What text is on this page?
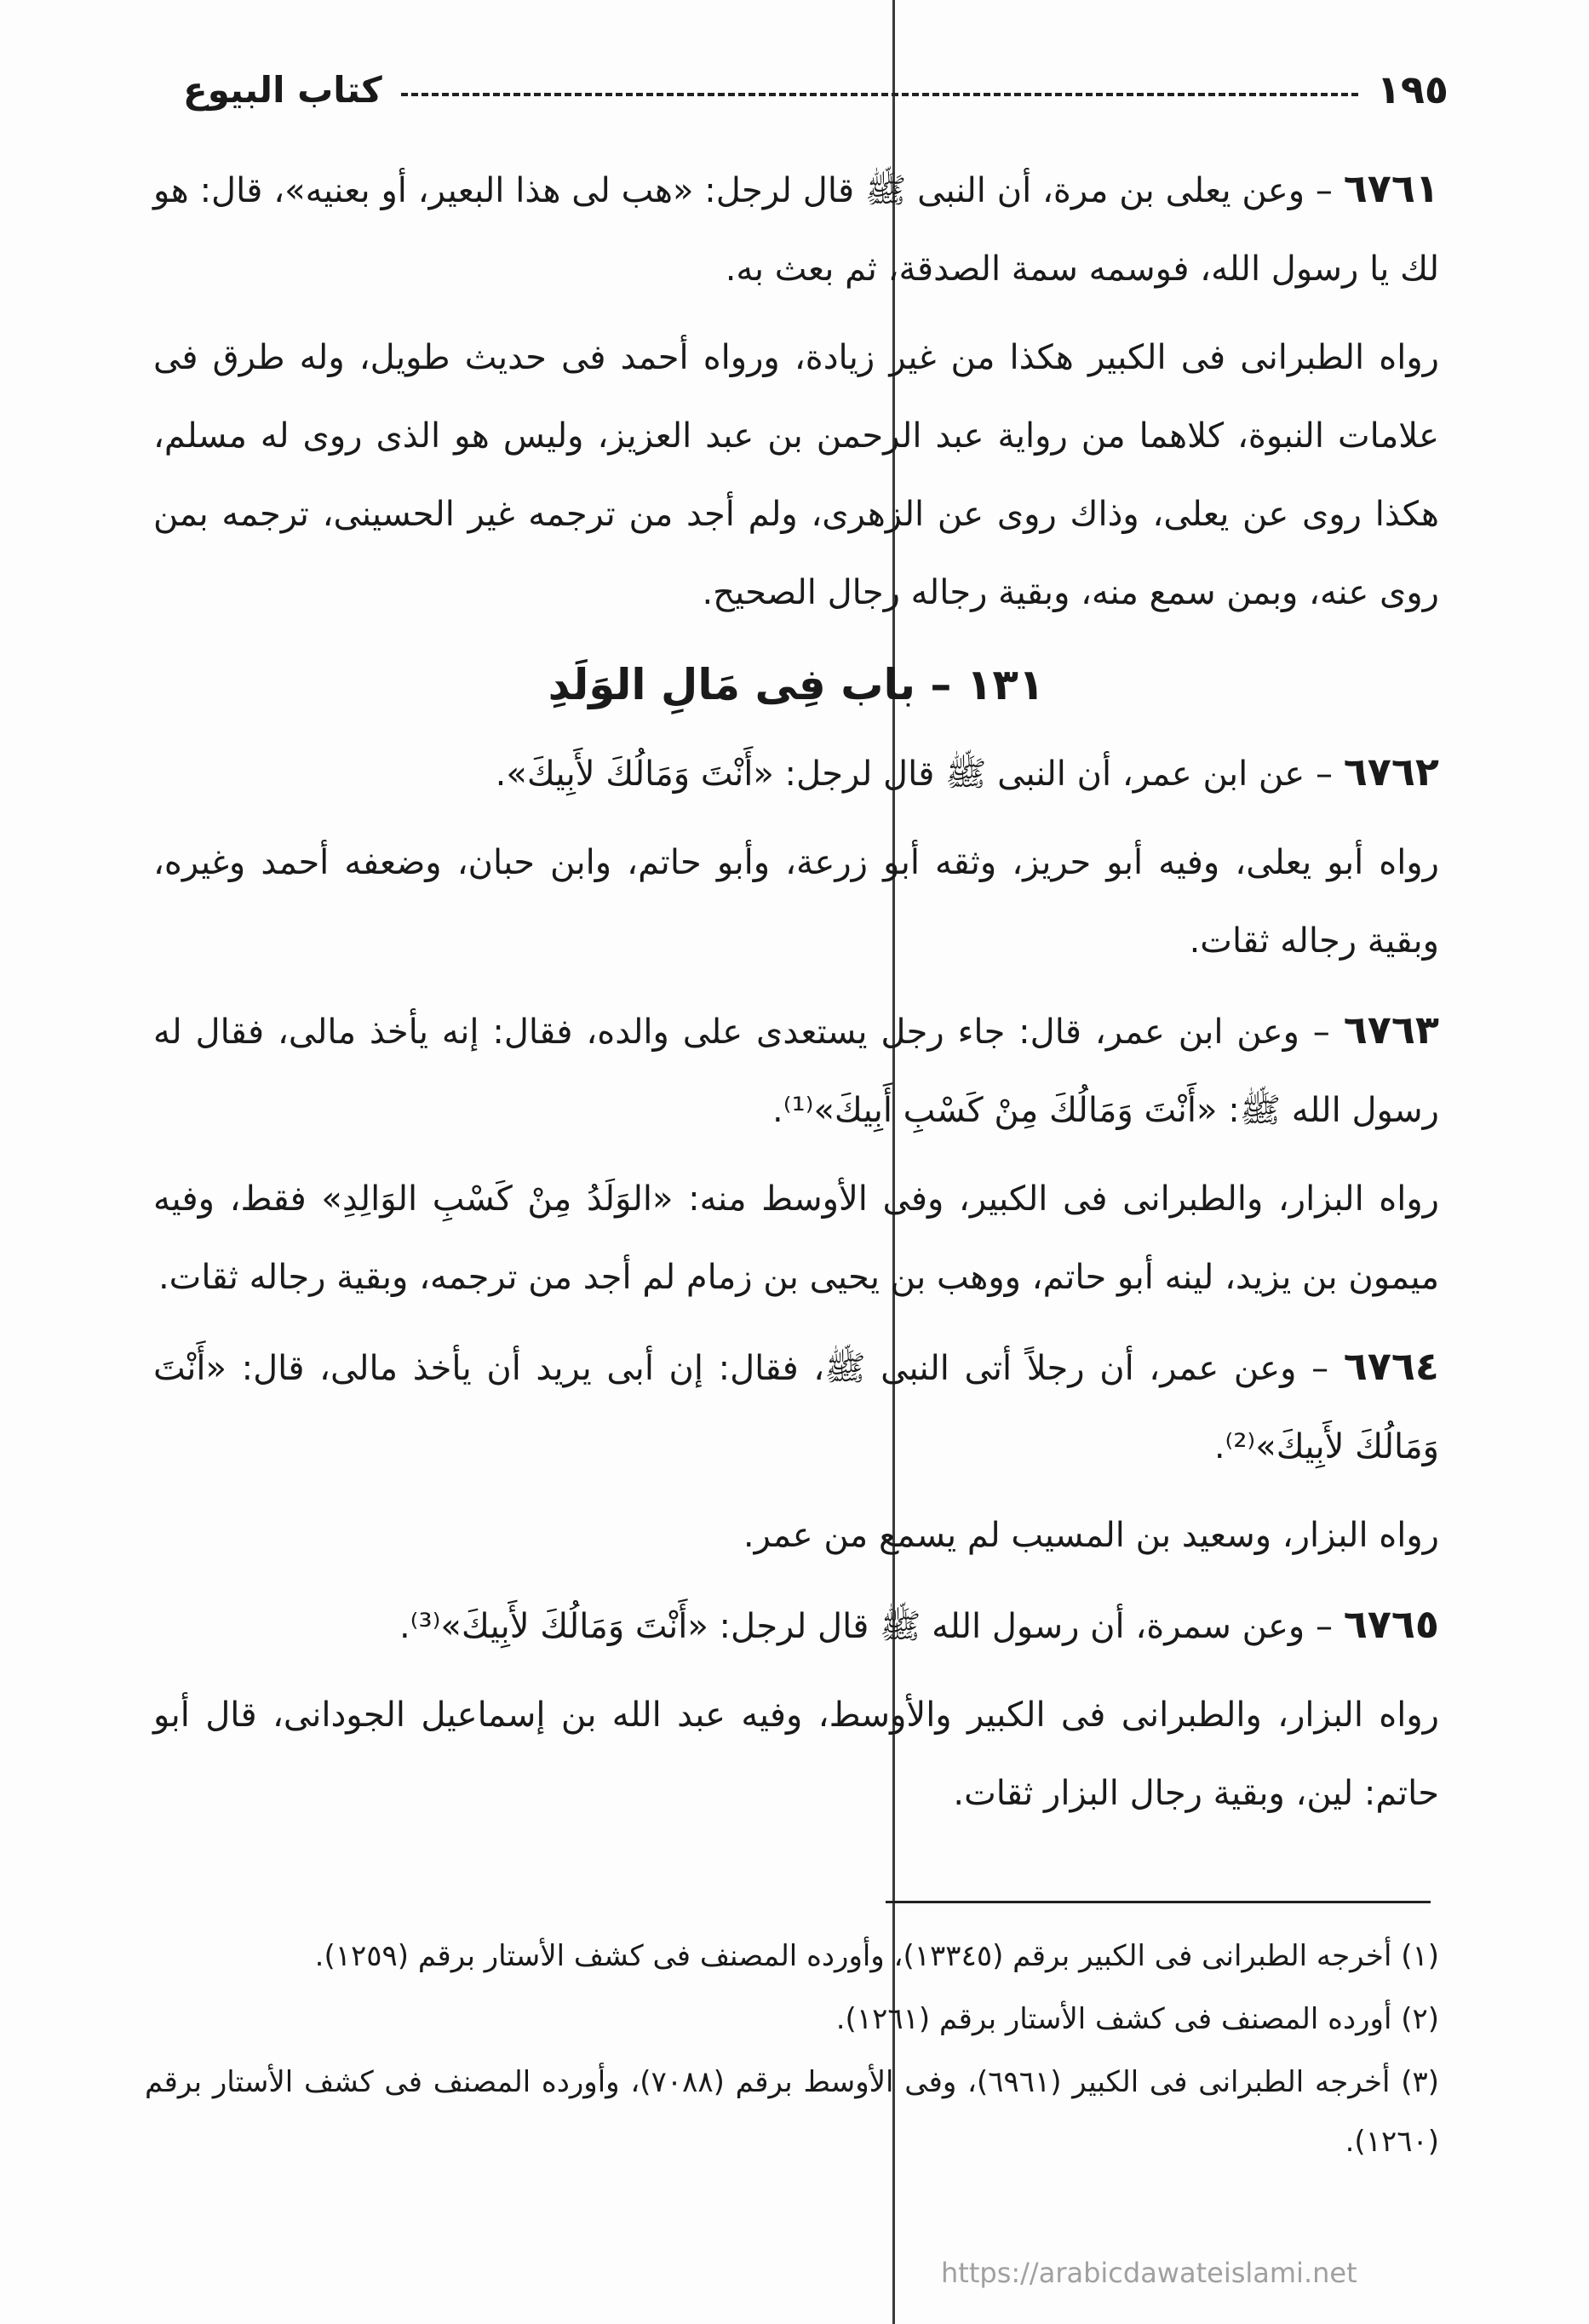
كتاب البيوع	١٩٥

٦٧٦١ – وعن يعلى بن مرة، أن النبى ﷺ قال لرجل: «هب لى هذا البعير، أو بعنيه»، قال: هو لك يا رسول الله، فوسمه سمة الصدقة، ثم بعث به.

رواه الطبرانى فى الكبير هكذا من غير زيادة، ورواه أحمد فى حديث طويل، وله طرق فى علامات النبوة، كلاهما من رواية عبد الرحمن بن عبد العزيز، وليس هو الذى روى له مسلم، هكذا روى عن يعلى، وذاك روى عن الزهرى، ولم أجد من ترجمه غير الحسينى، ترجمه بمن روى عنه، وبمن سمع منه، وبقية رجاله رجال الصحيح.

١٣١ – باب فِى مَالِ الوَلَدِ

٦٧٦٢ – عن ابن عمر، أن النبى ﷺ قال لرجل: «أَنْتَ وَمَالُكَ لأَبِيكَ».

رواه أبو يعلى، وفيه أبو حريز، وثقه أبو زرعة، وأبو حاتم، وابن حبان، وضعفه أحمد وغيره، وبقية رجاله ثقات.

٦٧٦٣ – وعن ابن عمر، قال: جاء رجل يستعدى على والده، فقال: إنه يأخذ مالى، فقال له رسول الله ﷺ: «أَنْتَ وَمَالُكَ مِنْ كَسْبِ أَبِيكَ»⁽¹⁾.

رواه البزار، والطبرانى فى الكبير، وفى الأوسط منه: «الوَلَدُ مِنْ كَسْبِ الوَالِدِ» فقط، وفيه ميمون بن يزيد، لينه أبو حاتم، ووهب بن يحيى بن زمام لم أجد من ترجمه، وبقية رجاله ثقات.

٦٧٦٤ – وعن عمر، أن رجلاً أتى النبى ﷺ، فقال: إن أبى يريد أن يأخذ مالى، قال: «أَنْتَ وَمَالُكَ لأَبِيكَ»⁽²⁾.

رواه البزار، وسعيد بن المسيب لم يسمع من عمر.

٦٧٦٥ – وعن سمرة، أن رسول الله ﷺ قال لرجل: «أَنْتَ وَمَالُكَ لأَبِيكَ»⁽³⁾.

رواه البزار، والطبرانى فى الكبير والأوسط، وفيه عبد الله بن إسماعيل الجودانى، قال أبو حاتم: لين، وبقية رجال البزار ثقات.

(١) أخرجه الطبرانى فى الكبير برقم (١٣٣٤٥)، وأورده المصنف فى كشف الأستار برقم (١٢٥٩).

(٢) أورده المصنف فى كشف الأستار برقم (١٢٦١).

(٣) أخرجه الطبرانى فى الكبير (٦٩٦١)، وفى الأوسط برقم (٧٠٨٨)، وأورده المصنف فى كشف الأستار برقم (١٢٦٠).

https://arabicdawateislami.net
